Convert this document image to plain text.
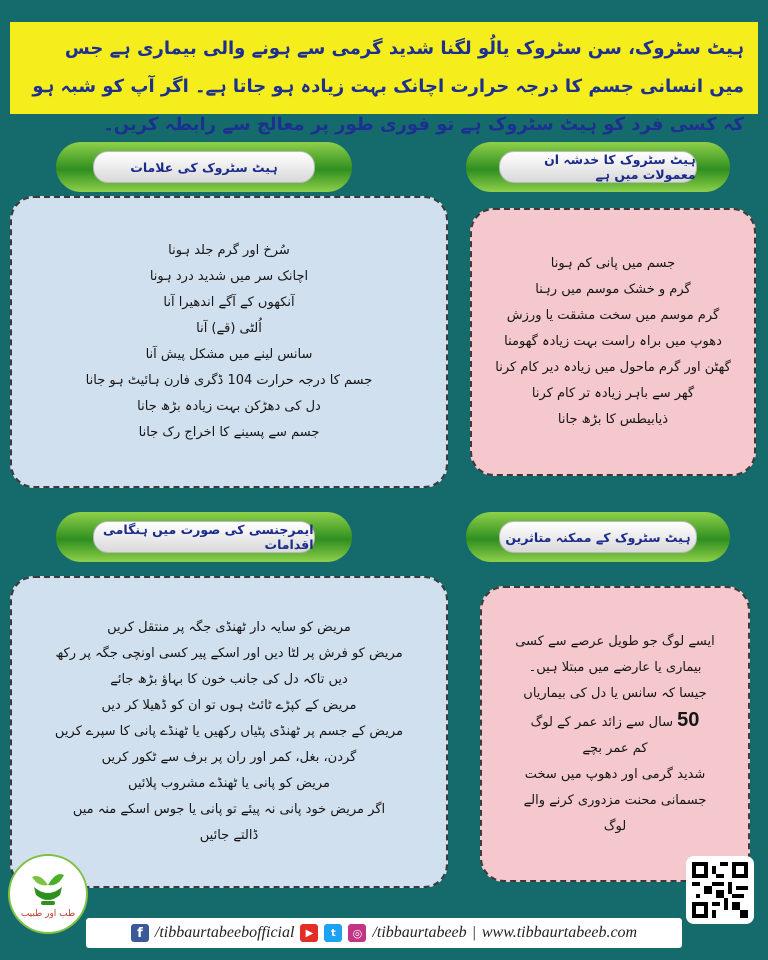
ہیٹ سٹروک، سن سٹروک یالُو لگنا شدید گرمی سے ہونے والی بیماری ہے جس میں انسانی جسم کا درجہ حرارت اچانک بہت زیادہ ہو جاتا ہے۔ اگر آپ کو شبہ ہو کہ کسی فرد کو ہیٹ سٹروک ہے تو فوری طور پر معالج سے رابطہ کریں۔
ہیٹ سٹروک کی علامات	ہیٹ سٹروک کا خدشہ ان معمولات میں ہے
ایمرجنسی کی صورت میں ہنگامی اقدامات	ہیٹ سٹروک کے ممکنہ متاثرین
سُرخ اور گرم جلد ہونا
اچانک سر میں شدید درد ہونا
آنکھوں کے آگے اندھیرا آنا
اُلٹی (قے) آنا
سانس لینے میں مشکل پیش آنا
جسم کا درجہ حرارت 104 ڈگری فارن ہائیٹ ہو جانا
دل کی دھڑکن بہت زیادہ بڑھ جانا
جسم سے پسینے کا اخراج رک جانا
جسم میں پانی کم ہونا
گرم و خشک موسم میں رہنا
گرم موسم میں سخت مشقت یا ورزش
دھوپ میں براہ راست بہت زیادہ گھومنا
گھٹن اور گرم ماحول میں زیادہ دیر کام کرنا
گھر سے باہر زیادہ تر کام کرنا
ذیابیطس کا بڑھ جانا
مریض کو سایہ دار ٹھنڈی جگہ پر منتقل کریں
مریض کو فرش پر لٹا دیں اور اسکے پیر کسی اونچی جگہ پر رکھ
دیں تاکہ دل کی جانب خون کا بہاؤ بڑھ جائے
مریض کے کپڑے ٹائٹ ہوں تو ان کو ڈھیلا کر دیں
مریض کے جسم پر ٹھنڈی پٹیاں رکھیں یا ٹھنڈے پانی کا سپرے کریں
گردن، بغل، کمر اور ران پر برف سے ٹکور کریں
مریض کو پانی یا ٹھنڈے مشروب پلائیں
اگر مریض خود پانی نہ پیئے تو پانی یا جوس اسکے منہ میں
ڈالتے جائیں
ایسے لوگ جو طویل عرصے سے کسی
بیماری یا عارضے میں مبتلا ہیں۔
جیسا کہ سانس یا دل کی بیماریاں
50 سال سے زائد عمر کے لوگ
کم عمر بچے
شدید گرمی اور دھوپ میں سخت
جسمانی محنت مزدوری کرنے والے
لوگ
طب اور طبیب
f /tibbaurtabeebofficial	▶	t	◎ /tibbaurtabeeb | www.tibbaurtabeeb.com
